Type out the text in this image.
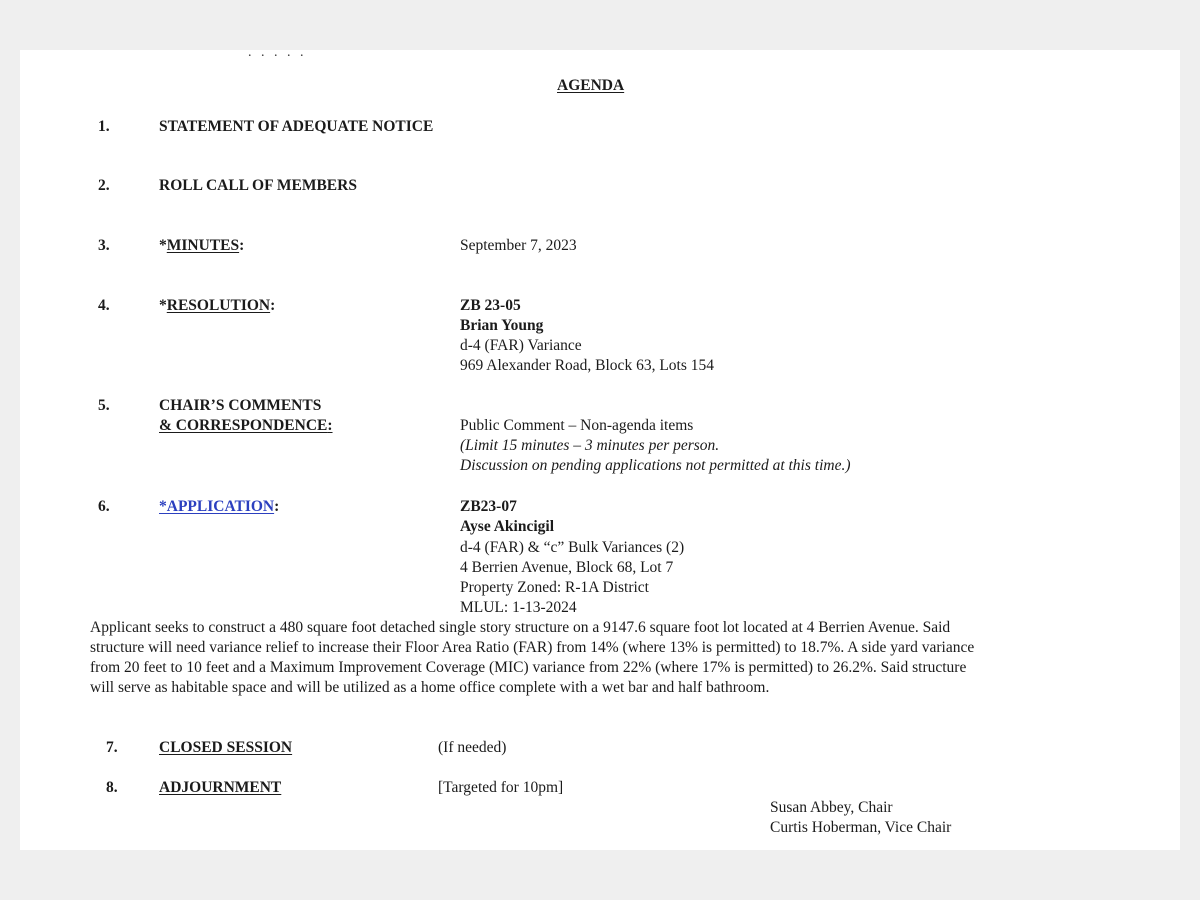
. . . . .
AGENDA
1.	STATEMENT OF ADEQUATE NOTICE
2.	ROLL CALL OF MEMBERS
3.	*MINUTES:	September 7, 2023
4.	*RESOLUTION:	ZB 23-05
Brian Young
d-4 (FAR) Variance
969 Alexander Road, Block 63, Lots 154
5.	CHAIR’S COMMENTS
& CORRESPONDENCE:	Public Comment – Non-agenda items
(Limit 15 minutes – 3 minutes per person.
Discussion on pending applications not permitted at this time.)
6.	*APPLICATION:	ZB23-07
Ayse Akincigil
d-4 (FAR) & “c” Bulk Variances (2)
4 Berrien Avenue, Block 68, Lot 7
Property Zoned: R-1A District
MLUL: 1-13-2024
Applicant seeks to construct a 480 square foot detached single story structure on a 9147.6 square foot lot located at 4 Berrien Avenue. Said
structure will need variance relief to increase their Floor Area Ratio (FAR) from 14% (where 13% is permitted) to 18.7%. A side yard variance
from 20 feet to 10 feet and a Maximum Improvement Coverage (MIC) variance from 22% (where 17% is permitted) to 26.2%. Said structure
will serve as habitable space and will be utilized as a home office complete with a wet bar and half bathroom.
7.	CLOSED SESSION	(If needed)
8.	ADJOURNMENT	[Targeted for 10pm]
Susan Abbey, Chair
Curtis Hoberman, Vice Chair
